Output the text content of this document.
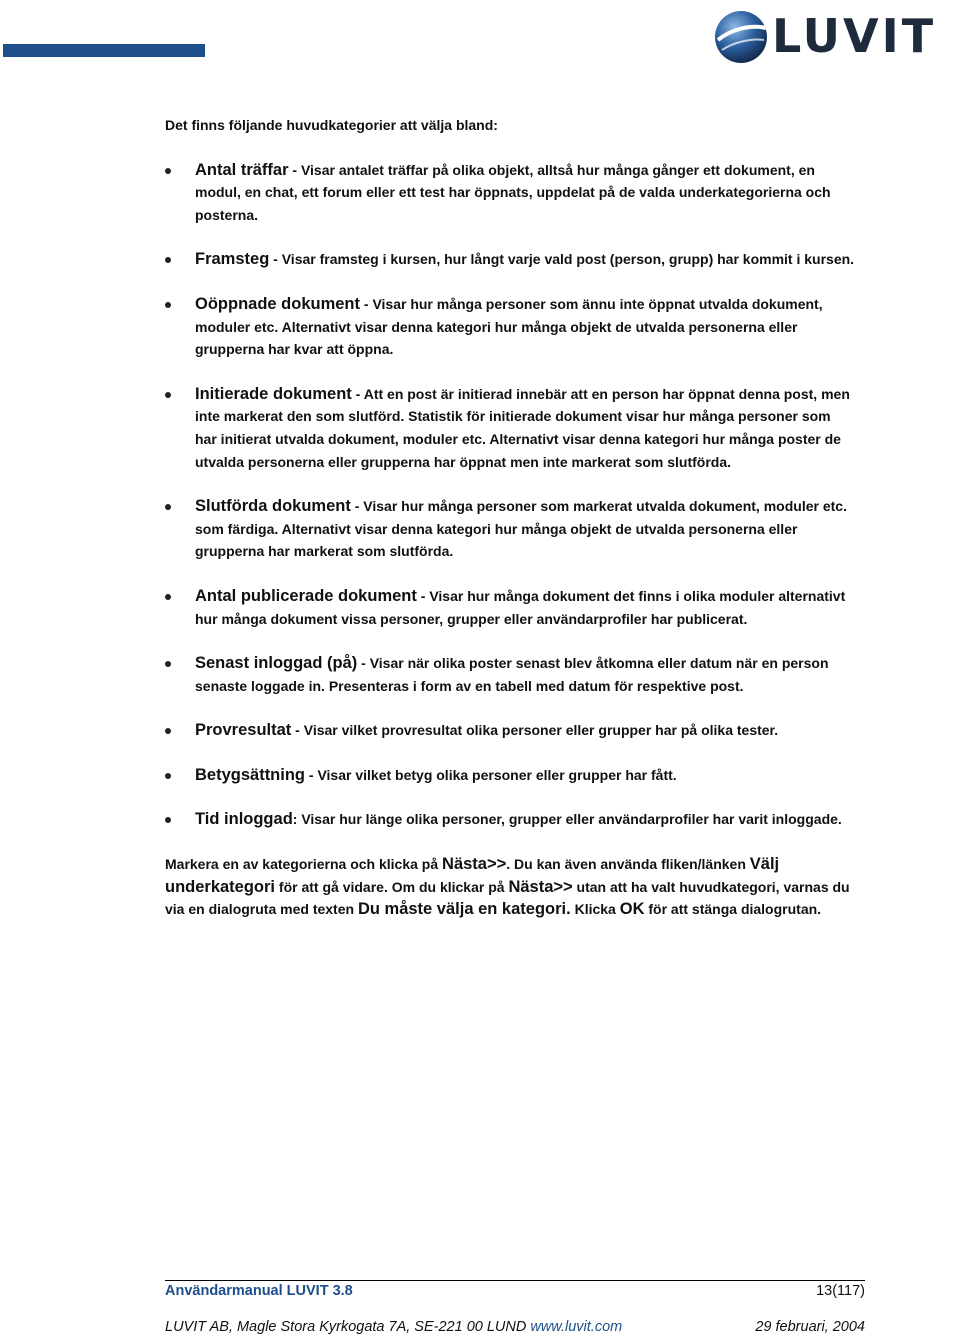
LUVIT

Det finns följande huvudkategorier att välja bland:

Antal träffar - Visar antalet träffar på olika objekt, alltså hur många gånger ett dokument, en modul, en chat, ett forum eller ett test har öppnats, uppdelat på de valda underkategorierna och posterna.
Framsteg - Visar framsteg i kursen, hur långt varje vald post (person, grupp) har kommit i kursen.
Oöppnade dokument - Visar hur många personer som ännu inte öppnat utvalda dokument, moduler etc. Alternativt visar denna kategori hur många objekt de utvalda personerna eller grupperna har kvar att öppna.
Initierade dokument - Att en post är initierad innebär att en person har öppnat denna post, men inte markerat den som slutförd. Statistik för initierade dokument visar hur många personer som har initierat utvalda dokument, moduler etc. Alternativt visar denna kategori hur många poster de utvalda personerna eller grupperna har öppnat men inte markerat som slutförda.
Slutförda dokument - Visar hur många personer som markerat utvalda dokument, moduler etc. som färdiga. Alternativt visar denna kategori hur många objekt de utvalda personerna eller grupperna har markerat som slutförda.
Antal publicerade dokument - Visar hur många dokument det finns i olika moduler alternativt hur många dokument vissa personer, grupper eller användarprofiler har publicerat.
Senast inloggad (på) - Visar när olika poster senast blev åtkomna eller datum när en person senaste loggade in. Presenteras i form av en tabell med datum för respektive post.
Provresultat - Visar vilket provresultat olika personer eller grupper har på olika tester.
Betygsättning - Visar vilket betyg olika personer eller grupper har fått.
Tid inloggad: Visar hur länge olika personer, grupper eller användarprofiler har varit inloggade.

Markera en av kategorierna och klicka på Nästa>>. Du kan även använda fliken/länken Välj underkategori för att gå vidare. Om du klickar på Nästa>> utan att ha valt huvudkategori, varnas du via en dialogruta med texten Du måste välja en kategori. Klicka OK för att stänga dialogrutan.

Användarmanual LUVIT 3.8	13(117)
LUVIT AB, Magle Stora Kyrkogata 7A, SE-221 00 LUND www.luvit.com	29 februari, 2004
